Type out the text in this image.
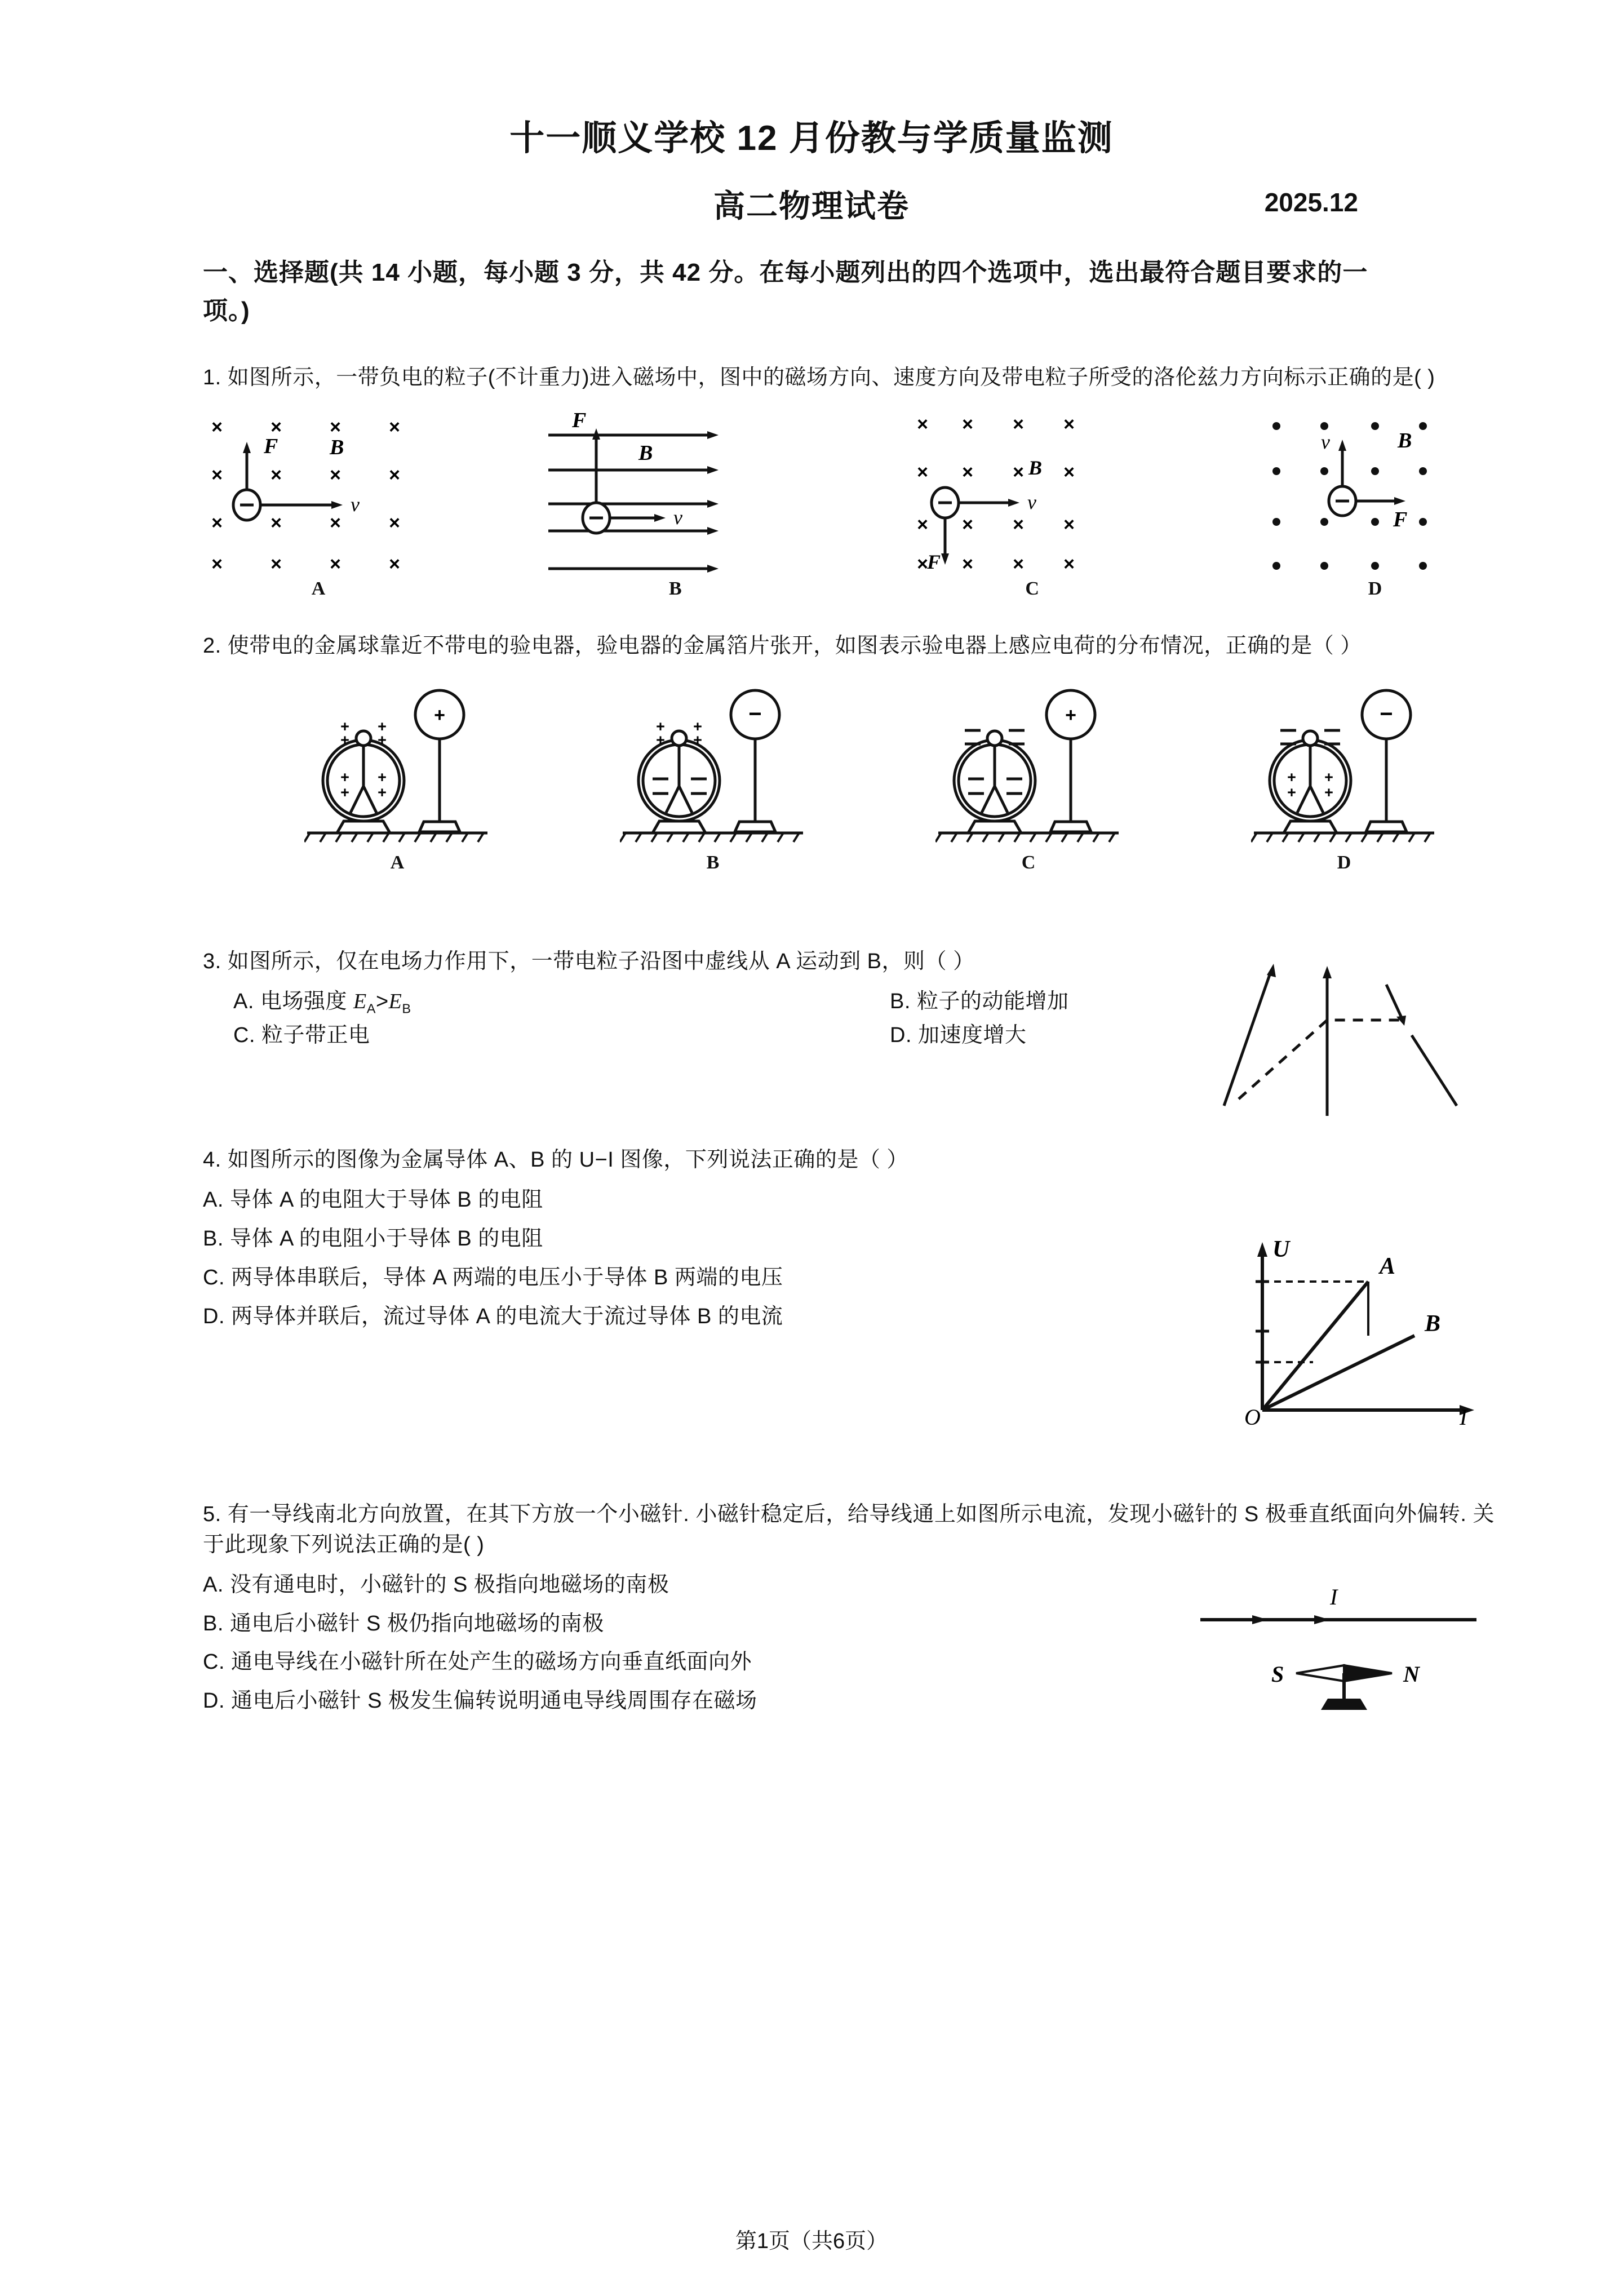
十一顺义学校 12 月份教与学质量监测
高二物理试卷	2025.12
一、选择题(共 14 小题，每小题 3 分，共 42 分。在每小题列出的四个选项中，选出最符合题目要求的一项。)
1. 如图所示，一带负电的粒子(不计重力)进入磁场中，图中的磁场方向、速度方向及带电粒子所受的洛伦兹力方向标示正确的是( )
×	×	×	×
×	×	×	×
×	×	×	×
×	×	×	×
F
v
B
A
F
v
B
B
× × × ×
× × × ×
× × × ×
× × × ×
B
v
F
C
v
F
B
D
2. 使带电的金属球靠近不带电的验电器，验电器的金属箔片张开，如图表示验电器上感应电荷的分布情况，正确的是（ ）
+
+
+
+
+
+
+
+
+
A
+
+
+
+
−
B
+
C
+
+
+
+
−
D
3. 如图所示，仅在电场力作用下，一带电粒子沿图中虚线从 A 运动到 B，则（ ）
A. 电场强度 $E_A>E_B$	B. 粒子的动能增加
C. 粒子带正电	D. 加速度增大
4. 如图所示的图像为金属导体 A、B 的 U−I 图像，下列说法正确的是（ ）
A. 导体 A 的电阻大于导体 B 的电阻
B. 导体 A 的电阻小于导体 B 的电阻
C. 两导体串联后，导体 A 两端的电压小于导体 B 两端的电压
D. 两导体并联后，流过导体 A 的电流大于流过导体 B 的电流
U
I
O
A
B
5. 有一导线南北方向放置，在其下方放一个小磁针. 小磁针稳定后，给导线通上如图所示电流，发现小磁针的 S 极垂直纸面向外偏转. 关于此现象下列说法正确的是( )
A. 没有通电时，小磁针的 S 极指向地磁场的南极
B. 通电后小磁针 S 极仍指向地磁场的南极
C. 通电导线在小磁针所在处产生的磁场方向垂直纸面向外
D. 通电后小磁针 S 极发生偏转说明通电导线周围存在磁场
I
S	N
第1页（共6页）
